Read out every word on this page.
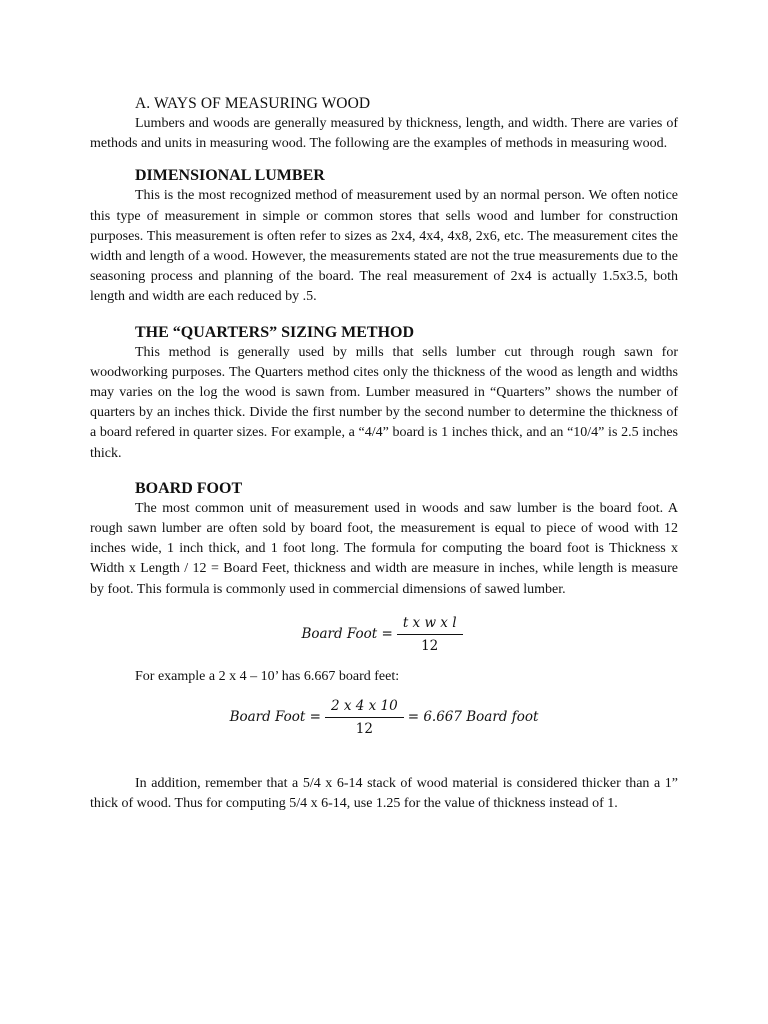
A. WAYS OF MEASURING WOOD

Lumbers and woods are generally measured by thickness, length, and width. There are varies of methods and units in measuring wood. The following are the examples of methods in measuring wood.

DIMENSIONAL LUMBER

This is the most recognized method of measurement used by an normal person. We often notice this type of measurement in simple or common stores that sells wood and lumber for construction purposes. This measurement is often refer to sizes as 2x4, 4x4, 4x8, 2x6, etc. The measurement cites the width and length of a wood. However, the measurements stated are not the true measurements due to the seasoning process and planning of the board. The real measurement of 2x4 is actually 1.5x3.5, both length and width are each reduced by .5.

THE “QUARTERS” SIZING METHOD

This method is generally used by mills that sells lumber cut through rough sawn for woodworking purposes. The Quarters method cites only the thickness of the wood as length and widths may varies on the log the wood is sawn from. Lumber measured in “Quarters” shows the number of quarters by an inches thick. Divide the first number by the second number to determine the thickness of a board refered in quarter sizes. For example, a “4/4” board is 1 inches thick, and an “10/4” is 2.5 inches thick.

BOARD FOOT

The most common unit of measurement used in woods and saw lumber is the board foot. A rough sawn lumber are often sold by board foot, the measurement is equal to piece of wood with 12 inches wide, 1 inch thick, and 1 foot long. The formula for computing the board foot is Thickness x Width x Length / 12 = Board Feet, thickness and width are measure in inches, while length is measure by foot. This formula is commonly used in commercial dimensions of sawed lumber.

Board Foot = $\frac{\text{t x w x l}}{12}$

For example a 2 x 4 – 10’ has 6.667 board feet:

Board Foot = $\frac{2 x 4 x 10}{12} = 6.667$ Board foot

In addition, remember that a 5/4 x 6-14 stack of wood material is considered thicker than a 1” thick of wood. Thus for computing 5/4 x 6-14, use 1.25 for the value of thickness instead of 1.
